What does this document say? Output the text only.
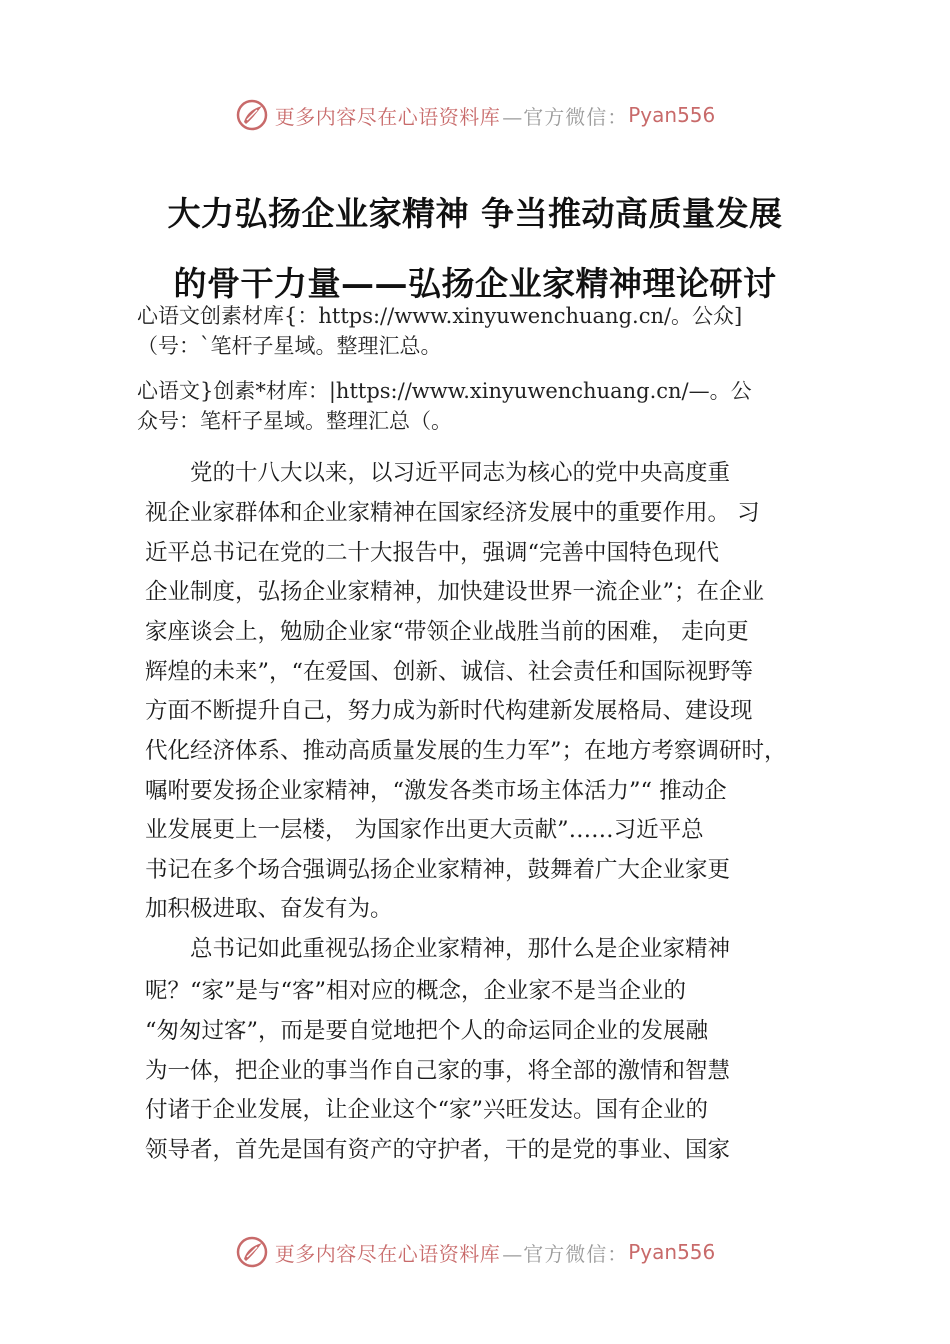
更多内容尽在心语资料库 —官方微信： Pyan556
大力弘扬企业家精神 争当推动高质量发展
的骨干力量——弘扬企业家精神理论研讨
心语文创素材库{：https://www.xinyuwenchuang.cn/。公众]
（号：`笔杆子星域。整理汇总。
心语文}创素*材库：|https://www.xinyuwenchuang.cn/—。公
众号：笔杆子星域。整理汇总（。
　　党的十八大以来，以习近平同志为核心的党中央高度重
视企业家群体和企业家精神在国家经济发展中的重要作用。 习
近平总书记在党的二十大报告中，强调“完善中国特色现代
企业制度，弘扬企业家精神，加快建设世界一流企业”；在企业
家座谈会上，勉励企业家“带领企业战胜当前的困难， 走向更
辉煌的未来”，“在爱国、创新、诚信、社会责任和国际视野等
方面不断提升自己，努力成为新时代构建新发展格局、建设现
代化经济体系、推动高质量发展的生力军”；在地方考察调研时，
嘱咐要发扬企业家精神，“激发各类市场主体活力”“ 推动企
业发展更上一层楼， 为国家作出更大贡献”……习近平总
书记在多个场合强调弘扬企业家精神，鼓舞着广大企业家更
加积极进取、奋发有为。
　　总书记如此重视弘扬企业家精神，那什么是企业家精神
呢？“家”是与“客”相对应的概念，企业家不是当企业的
“匆匆过客”，而是要自觉地把个人的命运同企业的发展融
为一体，把企业的事当作自己家的事，将全部的激情和智慧
付诸于企业发展，让企业这个“家”兴旺发达。国有企业的
领导者，首先是国有资产的守护者，干的是党的事业、国家
更多内容尽在心语资料库 —官方微信： Pyan556
